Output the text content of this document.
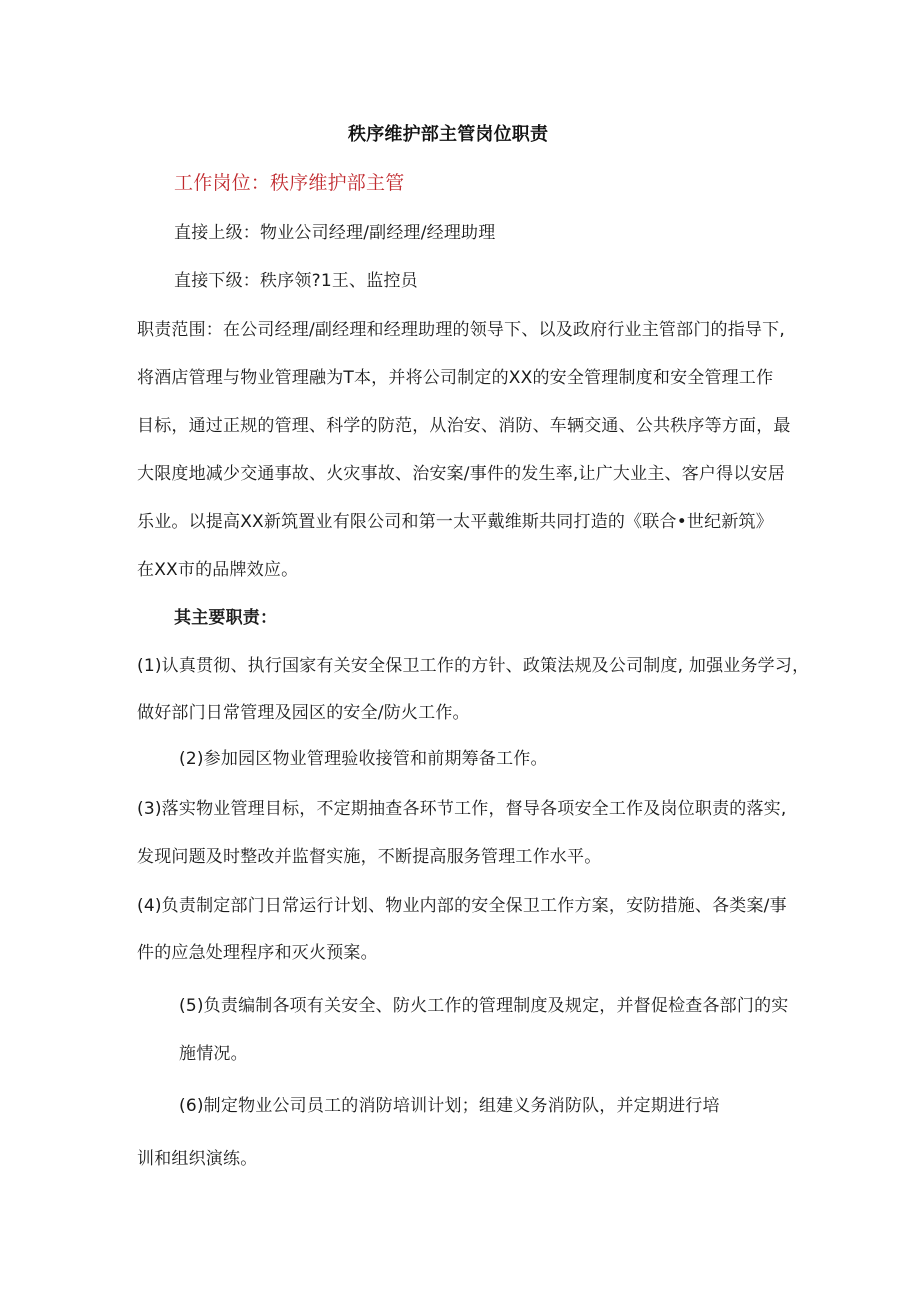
秩序维护部主管岗位职责
工作岗位：秩序维护部主管
直接上级：物业公司经理/副经理/经理助理
直接下级：秩序领?1王、监控员
职责范围：在公司经理/副经理和经理助理的领导下、以及政府行业主管部门的指导下,
将酒店管理与物业管理融为T本，并将公司制定的XX的安全管理制度和安全管理工作
目标，通过正规的管理、科学的防范，从治安、消防、车辆交通、公共秩序等方面，最
大限度地减少交通事故、火灾事故、治安案/事件的发生率,让广大业主、客户得以安居
乐业。以提高XX新筑置业有限公司和第一太平戴维斯共同打造的《联合•世纪新筑》
在XX市的品牌效应。
其主要职责：
(1)认真贯彻、执行国家有关安全保卫工作的方针、政策法规及公司制度, 加强业务学习，
做好部门日常管理及园区的安全/防火工作。
(2)参加园区物业管理验收接管和前期筹备工作。
(3)落实物业管理目标，不定期抽查各环节工作，督导各项安全工作及岗位职责的落实,
发现问题及时整改并监督实施，不断提高服务管理工作水平。
(4)负责制定部门日常运行计划、物业内部的安全保卫工作方案，安防措施、各类案/事
件的应急处理程序和灭火预案。
(5)负责编制各项有关安全、防火工作的管理制度及规定，并督促检查各部门的实
施情况。
(6)制定物业公司员工的消防培训计划；组建义务消防队，并定期进行培
训和组织演练。
